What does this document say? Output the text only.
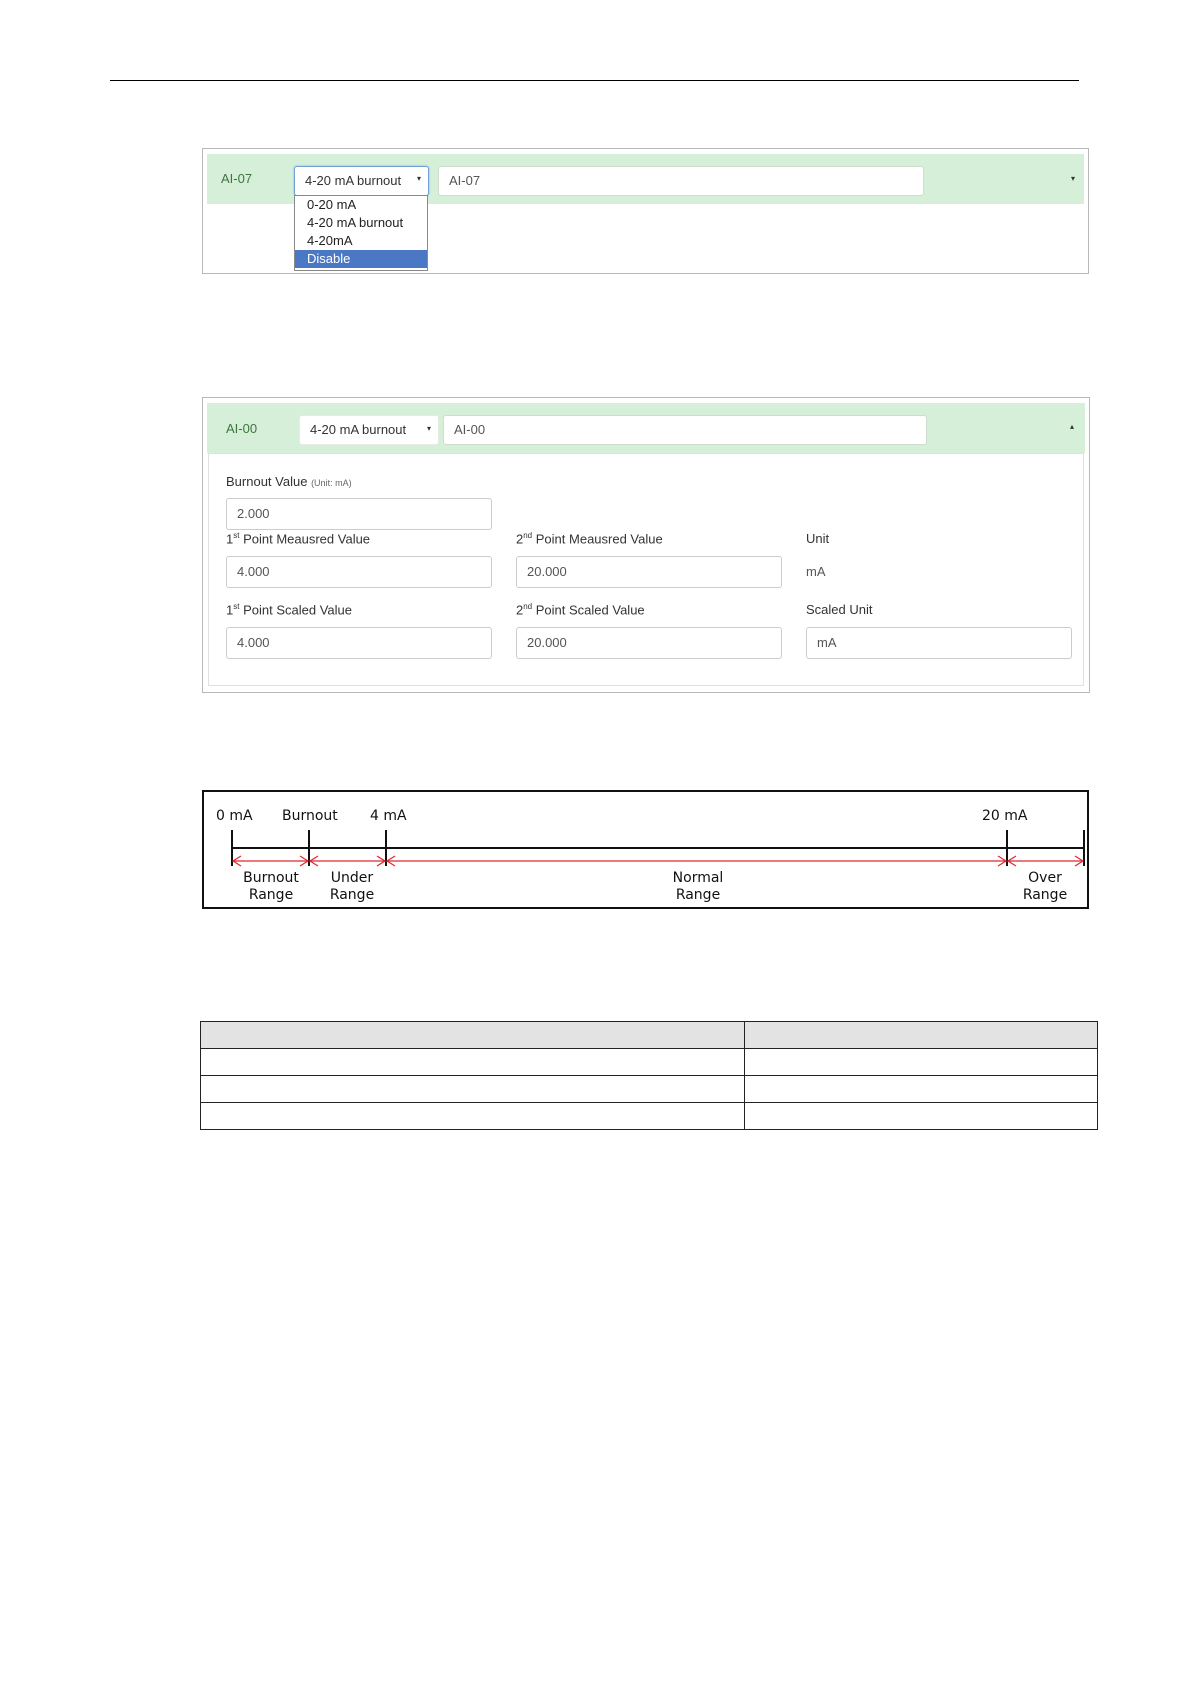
AI-07	4-20 mA burnout	▾	AI-07	▾
0-20 mA
4-20 mA burnout
4-20mA
Disable
AI-00	4-20 mA burnout	▾	AI-00	▴
Burnout Value (Unit: mA)
2.000
1st Point Meausred Value
4.000
2nd Point Meausred Value
20.000
Unit
mA
1st Point Scaled Value
4.000
2nd Point Scaled Value
20.000
Scaled Unit
mA
0 mA Burnout 4 mA	20 mA
Burnout
Range
Under
Range
Normal
Range
Over
Range
